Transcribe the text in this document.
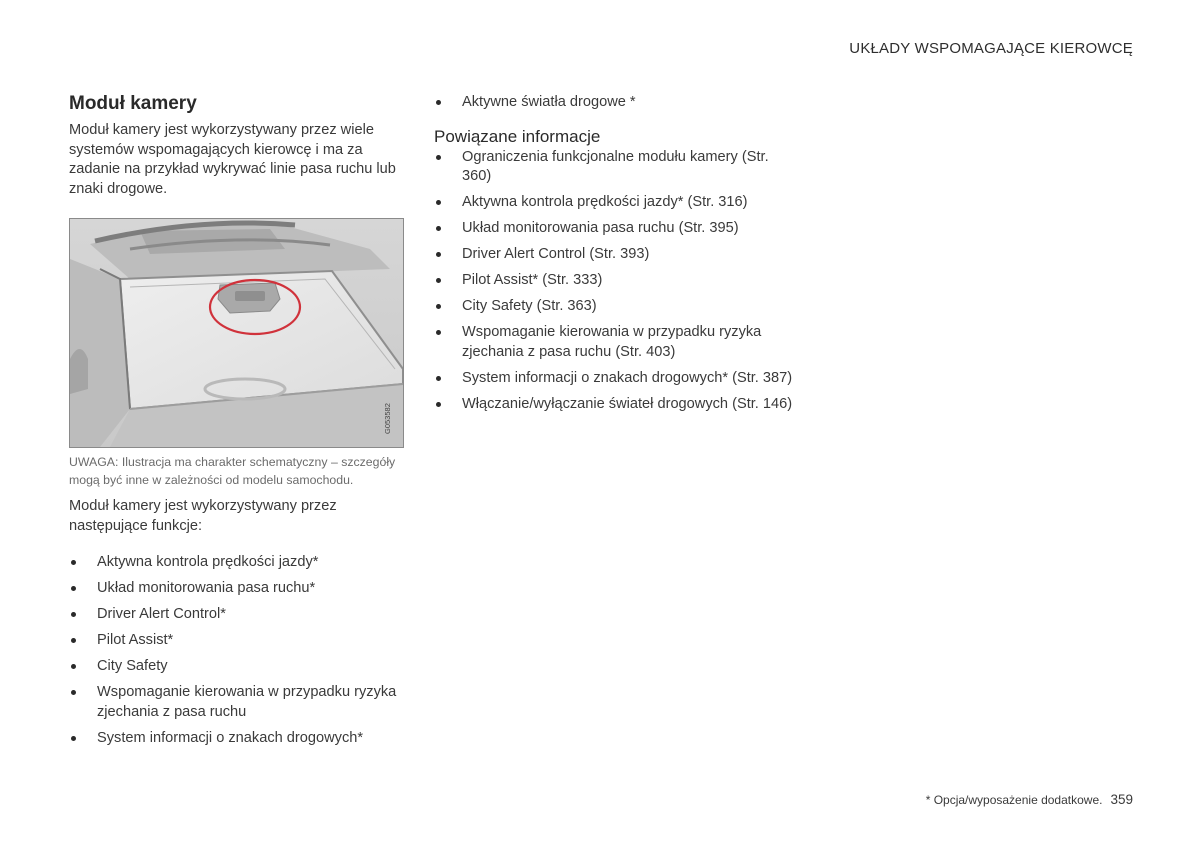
UKŁADY WSPOMAGAJĄCE KIEROWCĘ
Moduł kamery

Moduł kamery jest wykorzystywany przez wiele systemów wspomagających kierowcę i ma za zadanie na przykład wykrywać linie pasa ruchu lub znaki drogowe.

G053582
UWAGA: Ilustracja ma charakter schematyczny – szczegóły mogą być inne w zależności od modelu samochodu.

Moduł kamery jest wykorzystywany przez następujące funkcje:

Aktywna kontrola prędkości jazdy*
Układ monitorowania pasa ruchu*
Driver Alert Control*
Pilot Assist*
City Safety
Wspomaganie kierowania w przypadku ryzyka zjechania z pasa ruchu
System informacji o znakach drogowych*
Aktywne światła drogowe *
Powiązane informacje
Ograniczenia funkcjonalne modułu kamery (Str. 360)
Aktywna kontrola prędkości jazdy* (Str. 316)
Układ monitorowania pasa ruchu (Str. 395)
Driver Alert Control (Str. 393)
Pilot Assist* (Str. 333)
City Safety (Str. 363)
Wspomaganie kierowania w przypadku ryzyka zjechania z pasa ruchu (Str. 403)
System informacji o znakach drogowych* (Str. 387)
Włączanie/wyłączanie świateł drogowych (Str. 146)
* Opcja/wyposażenie dodatkowe. 359
